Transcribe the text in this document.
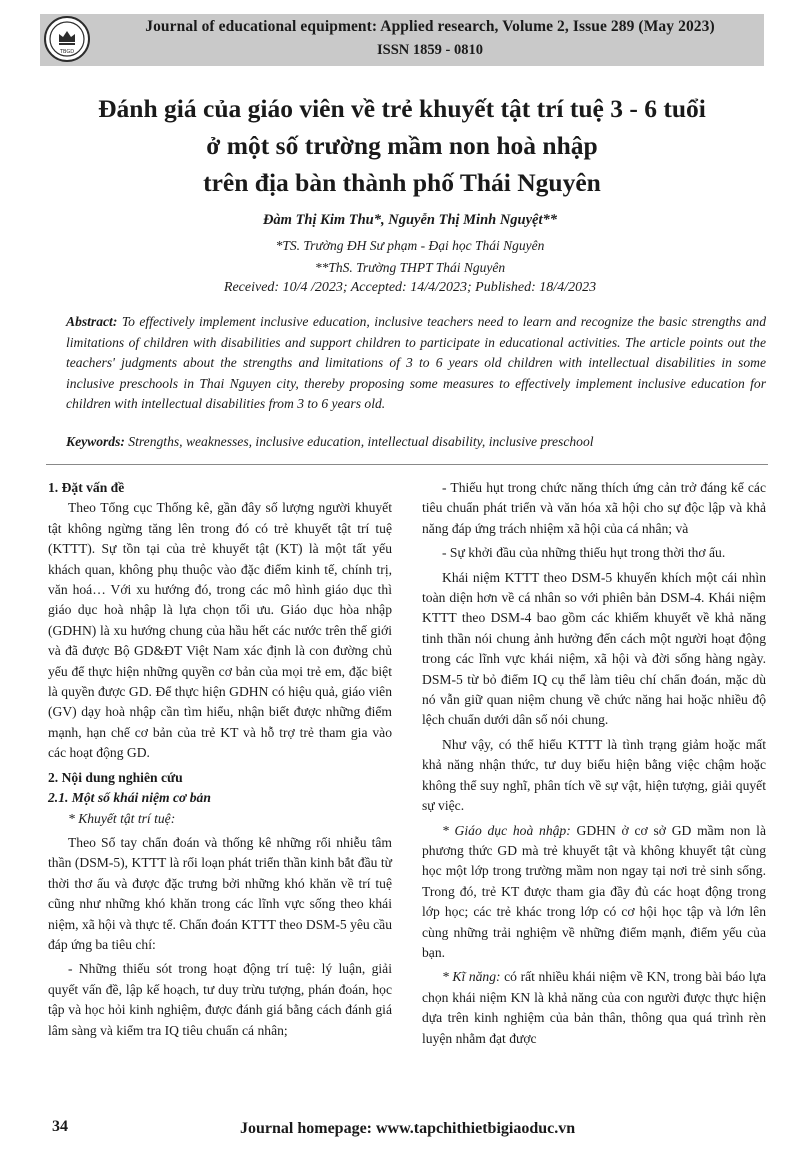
TBGD
Journal of educational equipment: Applied research, Volume 2, Issue 289 (May 2023)
ISSN 1859 - 0810
Đánh giá của giáo viên về trẻ khuyết tật trí tuệ 3 - 6 tuổi
ở một số trường mầm non hoà nhập
trên địa bàn thành phố Thái Nguyên
Đàm Thị Kim Thu*, Nguyễn Thị Minh Nguyệt**
*TS. Trường ĐH Sư phạm - Đại học Thái Nguyên
**ThS. Trường THPT Thái Nguyên
Received: 10/4 /2023; Accepted: 14/4/2023; Published: 18/4/2023
Abstract: To effectively implement inclusive education, inclusive teachers need to learn and recognize the basic strengths and limitations of children with disabilities and support children to participate in educational activities. The article points out the teachers' judgments about the strengths and limitations of 3 to 6 years old children with intellectual disabilities in some inclusive preschools in Thai Nguyen city, thereby proposing some measures to effectively implement inclusive education for children with intellectual disabilities from 3 to 6 years old.
Keywords: Strengths, weaknesses, inclusive education, intellectual disability, inclusive preschool
1. Đặt vấn đề

Theo Tổng cục Thống kê, gần đây số lượng người khuyết tật không ngừng tăng lên trong đó có trẻ khuyết tật trí tuệ (KTTT). Sự tồn tại của trẻ khuyết tật (KT) là một tất yếu khách quan, không phụ thuộc vào đặc điểm kinh tế, chính trị, văn hoá… Với xu hướng đó, trong các mô hình giáo dục thì giáo dục hoà nhập là lựa chọn tối ưu. Giáo dục hòa nhập (GDHN) là xu hướng chung của hầu hết các nước trên thế giới và đã được Bộ GD&ĐT Việt Nam xác định là con đường chủ yếu để thực hiện những quyền cơ bản của mọi trẻ em, đặc biệt là quyền được GD. Để thực hiện GDHN có hiệu quả, giáo viên (GV) dạy hoà nhập cần tìm hiểu, nhận biết được những điểm mạnh, hạn chế cơ bản của trẻ KT và hỗ trợ trẻ tham gia vào các hoạt động GD.

2. Nội dung nghiên cứu
2.1. Một số khái niệm cơ bản

* Khuyết tật trí tuệ:

Theo Sổ tay chẩn đoán và thống kê những rối nhiễu tâm thần (DSM-5), KTTT là rối loạn phát triển thần kinh bắt đầu từ thời thơ ấu và được đặc trưng bởi những khó khăn về trí tuệ cũng như những khó khăn trong các lĩnh vực sống theo khái niệm, xã hội và thực tế. Chẩn đoán KTTT theo DSM-5 yêu cầu đáp ứng ba tiêu chí:

- Những thiếu sót trong hoạt động trí tuệ: lý luận, giải quyết vấn đề, lập kế hoạch, tư duy trừu tượng, phán đoán, học tập và học hỏi kinh nghiệm, được đánh giá bằng cách đánh giá lâm sàng và kiểm tra IQ tiêu chuẩn cá nhân;

- Thiếu hụt trong chức năng thích ứng cản trở đáng kể các tiêu chuẩn phát triển và văn hóa xã hội cho sự độc lập và khả năng đáp ứng trách nhiệm xã hội của cá nhân; và

- Sự khởi đầu của những thiếu hụt trong thời thơ ấu.

Khái niệm KTTT theo DSM-5 khuyến khích một cái nhìn toàn diện hơn về cá nhân so với phiên bản DSM-4. Khái niệm KTTT theo DSM-4 bao gồm các khiếm khuyết về khả năng tinh thần nói chung ảnh hưởng đến cách một người hoạt động trong các lĩnh vực khái niệm, xã hội và đời sống hàng ngày. DSM-5 từ bỏ điểm IQ cụ thể làm tiêu chí chẩn đoán, mặc dù nó vẫn giữ quan niệm chung về chức năng hai hoặc nhiều độ lệch chuẩn dưới dân số nói chung.

Như vậy, có thể hiểu KTTT là tình trạng giảm hoặc mất khả năng nhận thức, tư duy biểu hiện bằng việc chậm hoặc không thể suy nghĩ, phân tích về sự vật, hiện tượng, giải quyết sự việc.

* Giáo dục hoà nhập: GDHN ở cơ sở GD mầm non là phương thức GD mà trẻ khuyết tật và không khuyết tật cùng học một lớp trong trường mầm non ngay tại nơi trẻ sinh sống. Trong đó, trẻ KT được tham gia đầy đủ các hoạt động trong lớp học; các trẻ khác trong lớp có cơ hội học tập và lớn lên cùng những trải nghiệm về những điểm mạnh, điểm yếu của bạn.

* Kĩ năng: có rất nhiều khái niệm về KN, trong bài báo lựa chọn khái niệm KN là khả năng của con người được thực hiện dựa trên kinh nghiệm của bản thân, thông qua quá trình rèn luyện nhằm đạt được

34	Journal homepage: www.tapchithietbigiaoduc.vn
